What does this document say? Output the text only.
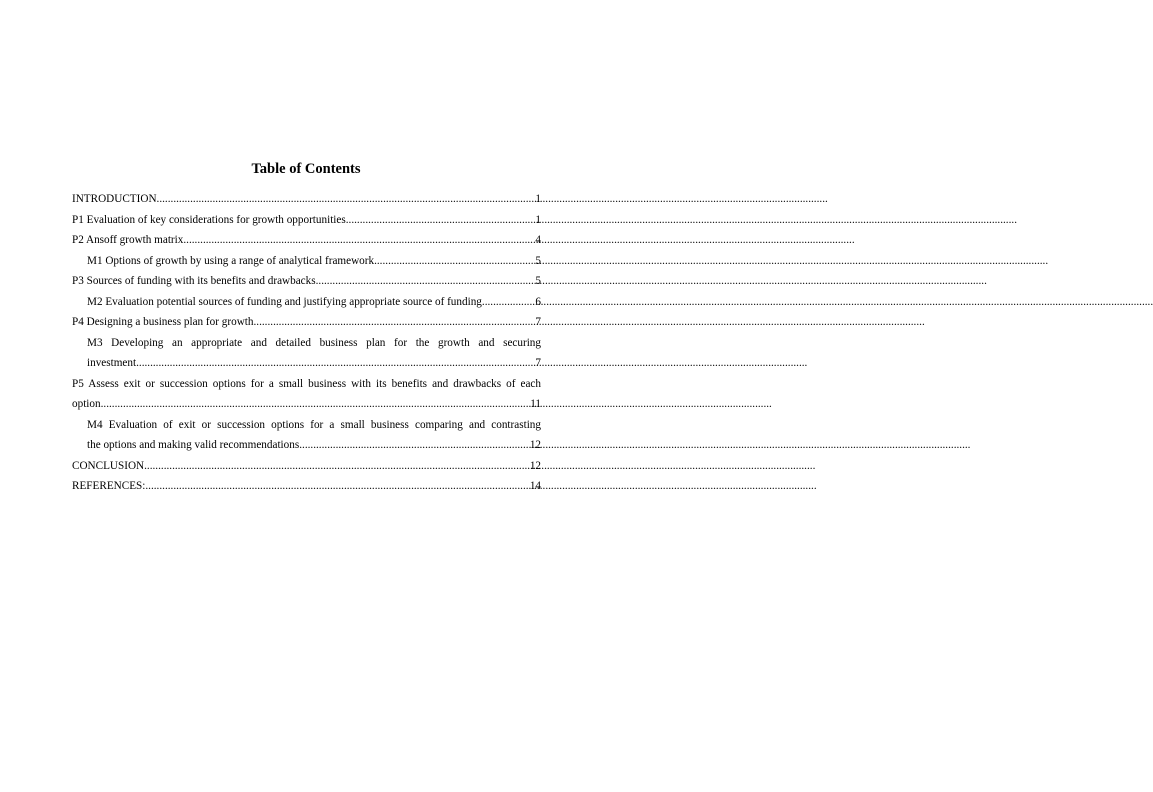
Table of Contents
INTRODUCTION .....	1
P1 Evaluation of key considerations for growth opportunities .....	1
P2 Ansoff growth matrix .....	4
M1 Options of growth by using a range of analytical framework. .....	5
P3 Sources of funding with its benefits and drawbacks .....	5
M2 Evaluation potential sources of funding and justifying appropriate source of funding .....	6
P4 Designing a business plan for growth .....	7
M3 Developing an appropriate and detailed business plan for the growth and securing
investment .....	7
P5 Assess exit or succession options for a small business with its benefits and drawbacks of each
option .....	11
M4 Evaluation of exit or succession options for a small business comparing and contrasting
the options and making valid recommendations .....	12
CONCLUSION .....	12
REFERENCES: .....	14
